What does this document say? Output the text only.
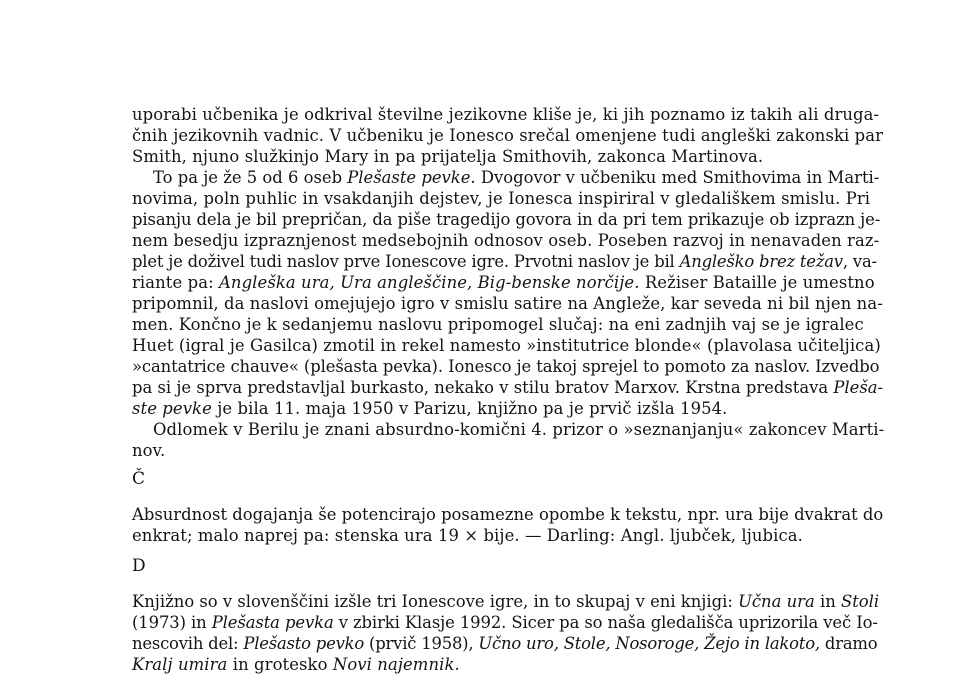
uporabi učbenika je odkrival številne jezikovne kliše je, ki jih poznamo iz takih ali druga-
čnih jezikovnih vadnic. V učbeniku je Ionesco srečal omenjene tudi angleški zakonski par
Smith, njuno služkinjo Mary in pa prijatelja Smithovih, zakonca Martinova.
To pa je že 5 od 6 oseb Plešaste pevke. Dvogovor v učbeniku med Smithovima in Marti-
novima, poln puhlic in vsakdanjih dejstev, je Ionesca inspiriral v gledališkem smislu. Pri
pisanju dela je bil prepričan, da piše tragedijo govora in da pri tem prikazuje ob izprazn je-
nem besedju izpraznjenost medsebojnih odnosov oseb. Poseben razvoj in nenavaden raz-
plet je doživel tudi naslov prve Ionescove igre. Prvotni naslov je bil Angleško brez težav, va-
riante pa: Angleška ura, Ura angleščine, Big-benske norčije. Režiser Bataille je umestno
pripomnil, da naslovi omejujejo igro v smislu satire na Angleže, kar seveda ni bil njen na-
men. Končno je k sedanjemu naslovu pripomogel slučaj: na eni zadnjih vaj se je igralec
Huet (igral je Gasilca) zmotil in rekel namesto »institutrice blonde« (plavolasa učiteljica)
»cantatrice chauve« (plešasta pevka). Ionesco je takoj sprejel to pomoto za naslov. Izvedbo
pa si je sprva predstavljal burkasto, nekako v stilu bratov Marxov. Krstna predstava Pleša-
ste pevke je bila 11. maja 1950 v Parizu, knjižno pa je prvič izšla 1954.
Odlomek v Berilu je znani absurdno-komični 4. prizor o »seznanjanju« zakoncev Marti-
nov.
Č
Absurdnost dogajanja še potencirajo posamezne opombe k tekstu, npr. ura bije dvakrat do
enkrat; malo naprej pa: stenska ura 19 × bije. — Darling: Angl. ljubček, ljubica.
D
Knjižno so v slovenščini izšle tri Ionescove igre, in to skupaj v eni knjigi: Učna ura in Stoli
(1973) in Plešasta pevka v zbirki Klasje 1992. Sicer pa so naša gledališča uprizorila več Io-
nescovih del: Plešasto pevko (prvič 1958), Učno uro, Stole, Nosoroge, Žejo in lakoto, dramo
Kralj umira in grotesko Novi najemnik.
